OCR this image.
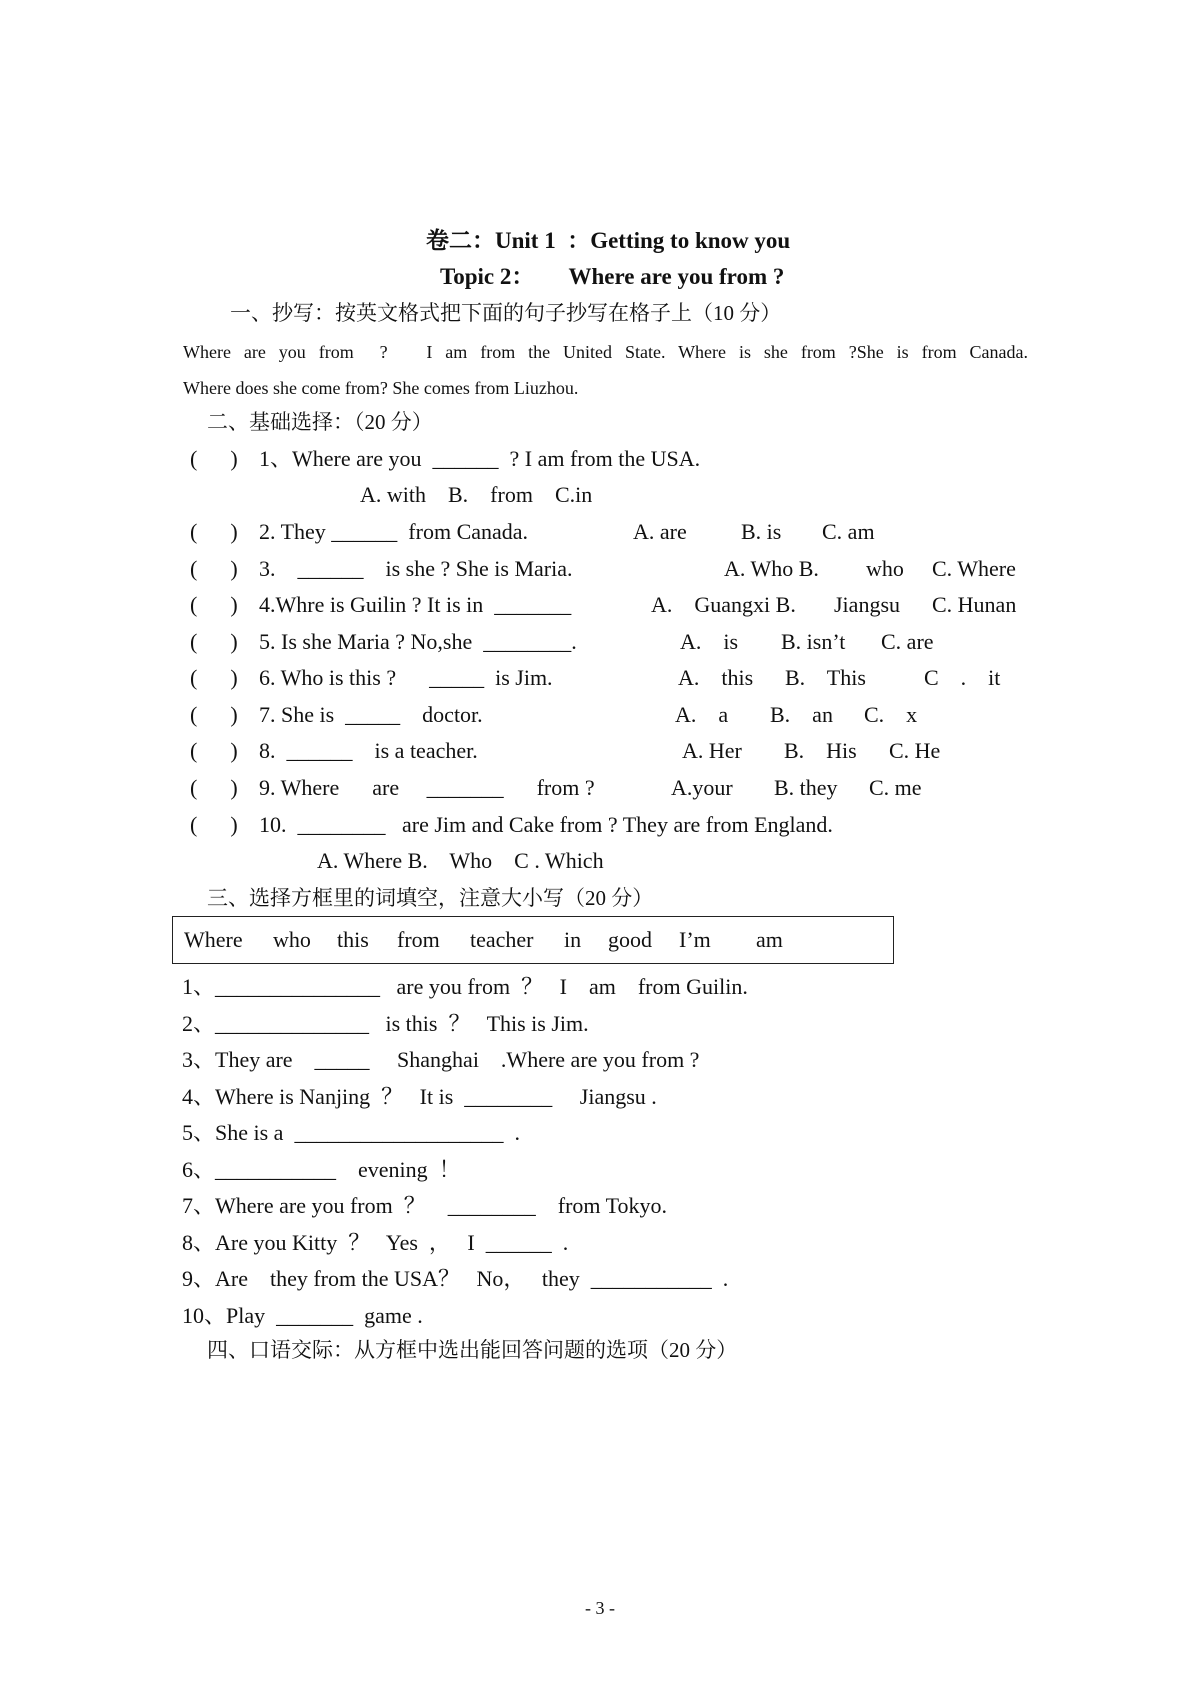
卷二：Unit 1  ：Getting to know you
Topic 2：      Where are you from ?
一、抄写：按英文格式把下面的句子抄写在格子上（10 分）
Where are you from  ?   I am from the United State. Where is she from ?She is from Canada.
Where does she come from? She comes from Liuzhou.
二、基础选择：（20 分）
(      ) 1、Where are you  ______  ? I am from the USA.
A. with    B.    from    C.in
(      ) 2. They ______  from Canada.	A. are B. is C. am
(      ) 3.    ______    is she ? She is Maria.	A. Who B. who C. Where
(      ) 4.Whre is Guilin ? It is in  _______	A.    Guangxi B. Jiangsu C. Hunan
(      ) 5. Is she Maria ? No,she  ________.	A.    is B. isn’t C. are
(      ) 6. Who is this ?      _____  is Jim.	A.    this B.    This	C    .    it
(      ) 7. She is  _____    doctor.	A.    a B.    an C.    x
(      ) 8.  ______    is a teacher.	A. Her B.    His C. He
(      ) 9. Where      are     _______      from ?	A.your B. they C. me
(      ) 10.  ________   are Jim and Cake from ? They are from England.
A. Where B.    Who    C . Which
三、选择方框里的词填空，注意大小写（20 分）
Where who this from teacher in good I’m am
1、_______________   are you from  ？   I    am    from Guilin.
2、______________   is this  ？   This is Jim.
3、They are    _____     Shanghai    .Where are you from ?
4、Where is Nanjing  ？   It is  ________     Jiangsu .
5、She is a  ___________________  .
6、___________    evening  ！
7、Where are you from  ？    ________    from Tokyo.
8、Are you Kitty  ？   Yes  ，   I  ______  .
9、Are    they from the USA？   No，   they  ___________  .
10、Play  _______  game .
四、口语交际：从方框中选出能回答问题的选项（20 分）
- 3 -
